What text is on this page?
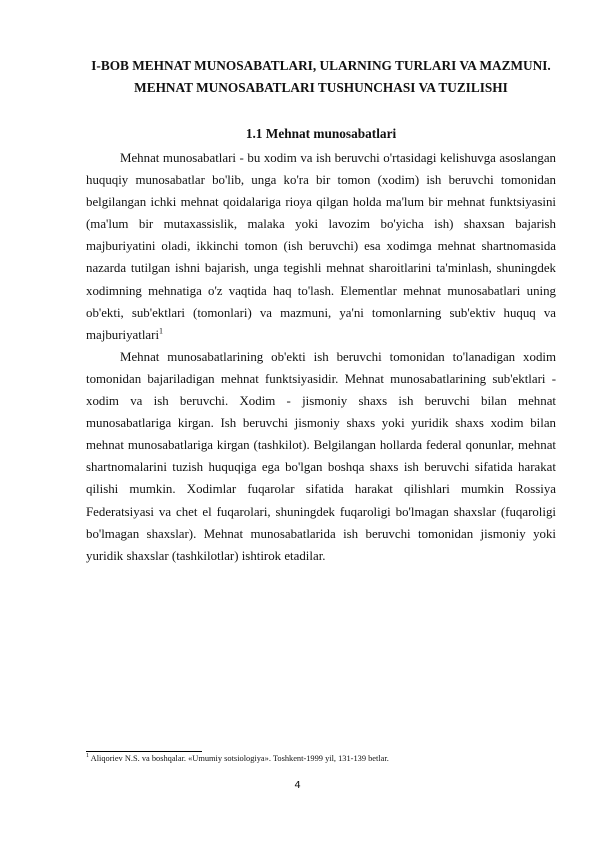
I-BOB MEHNAT MUNOSABATLARI, ULARNING TURLARI VA MAZMUNI. MEHNAT MUNOSABATLARI TUSHUNCHASI VA TUZILISHI
1.1 Mehnat munosabatlari

Mehnat munosabatlari - bu xodim va ish beruvchi o'rtasidagi kelishuvga asoslangan huquqiy munosabatlar bo'lib, unga ko'ra bir tomon (xodim) ish beruvchi tomonidan belgilangan ichki mehnat qoidalariga rioya qilgan holda ma'lum bir mehnat funktsiyasini (ma'lum bir mutaxassislik, malaka yoki lavozim bo'yicha ish) shaxsan bajarish majburiyatini oladi, ikkinchi tomon (ish beruvchi) esa xodimga mehnat shartnomasida nazarda tutilgan ishni bajarish, unga tegishli mehnat sharoitlarini ta'minlash, shuningdek xodimning mehnatiga o'z vaqtida haq to'lash. Elementlar mehnat munosabatlari uning ob'ekti, sub'ektlari (tomonlari) va mazmuni, ya'ni tomonlarning sub'ektiv huquq va majburiyatlari$^1$

Mehnat munosabatlarining ob'ekti ish beruvchi tomonidan to'lanadigan xodim tomonidan bajariladigan mehnat funktsiyasidir. Mehnat munosabatlarining sub'ektlari - xodim va ish beruvchi. Xodim - jismoniy shaxs ish beruvchi bilan mehnat munosabatlariga kirgan. Ish beruvchi jismoniy shaxs yoki yuridik shaxs xodim bilan mehnat munosabatlariga kirgan (tashkilot). Belgilangan hollarda federal qonunlar, mehnat shartnomalarini tuzish huquqiga ega bo'lgan boshqa shaxs ish beruvchi sifatida harakat qilishi mumkin. Xodimlar fuqarolar sifatida harakat qilishlari mumkin Rossiya Federatsiyasi va chet el fuqarolari, shuningdek fuqaroligi bo'lmagan shaxslar (fuqaroligi bo'lmagan shaxslar). Mehnat munosabatlarida ish beruvchi tomonidan jismoniy yoki yuridik shaxslar (tashkilotlar) ishtirok etadilar.

$^1$ Aliqoriev N.S. va boshqalar. «Umumiy sotsiologiya». Toshkent-1999 yil, 131-139 betlar.

4
